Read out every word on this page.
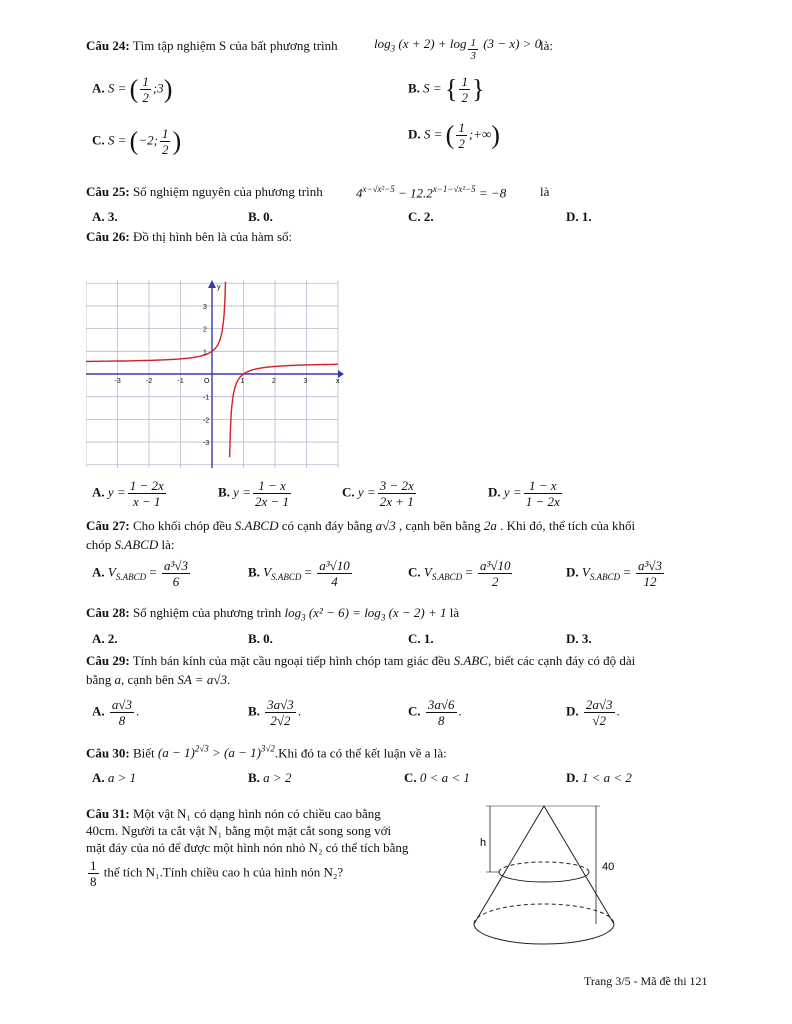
Câu 24: Tìm tập nghiệm S của bất phương trình	$\log_3 (x + 2) + \log _{\frac{1}{3}}$ (3 − x) > 0
là:
A. S = ( $\frac{1}{2}$ ;3)	B. S = { $\frac{1}{2}$ }
C. S = (−2; $\frac{1}{2}$ )	D. S = ( $\frac{1}{2}$ ;+∞)
Câu 25: Số nghiệm nguyên của phương trình	$4^{x-√x^2-5} - 12.2^{x-1-√x^2-5} = -8$	là
A. 3.	B. 0.	C. 2.	D. 1.
Câu 26: Đồ thị hình bên là của hàm số:
y
x
O
-3	-2	-1	1	2	3
3
2
1
-1
-2
-3
A. $y = \frac{1 - 2x}{x - 1}$	B. $y = \frac{1 - x}{2x - 1}$	C. $y = \frac{3 - 2x}{2x + 1}$	D. $y = \frac{1 - x}{1 - 2x}$
Câu 27: Cho khối chóp đều S.ABCD có cạnh đáy bằng a√3 , cạnh bên bằng 2a . Khi đó, thể tích của khối
chóp S.ABCD là:
A. $V_{S.ABCD} = \frac{\text{a³√3}}{6}$	B. $V_{S.ABCD} = \frac{\text{a³√10}}{4}$	C. $V_{S.ABCD} = \frac{\text{a³√10}}{2}$	D. $V_{S.ABCD} = \frac{\text{a³√3}}{12}$
Câu 28: Số nghiệm của phương trình $\log_3 (x^2 - 6) = \log_3 (x - 2) + 1$ là
A. 2.	B. 0.	C. 1.	D. 3.
Câu 29: Tính bán kính của mặt cầu ngoại tiếp hình chóp tam giác đều S.ABC, biết các cạnh đáy có độ dài
bằng a, cạnh bên SA = a√3.
A. $\frac{a√3}{8}$ .	B. $\frac{3a√3}{2√2}$ .	C. $\frac{3a√6}{8}$ .	D. $\frac{2a√3}{√2}$ .
Câu 30: Biết $(a - 1)^{2√3} > (a - 1)^{3√2}.Khi$ đó ta có thể kết luận về a là:
A. a > 1	B. a > 2	C. 0 < a < 1	D. 1 < a < 2
Câu 31: Một vật N₁ có dạng hình nón có chiều cao bằng
40cm. Người ta cắt vật N₁ bằng một mặt cắt song song với
mặt đáy của nó để được một hình nón nhỏ N₂ có thể tích bằng
$\frac{1}{8}$ thể tích N₁.Tính chiều cao h của hình nón N₂?
h
40
Trang 3/5 - Mã đề thi 121
